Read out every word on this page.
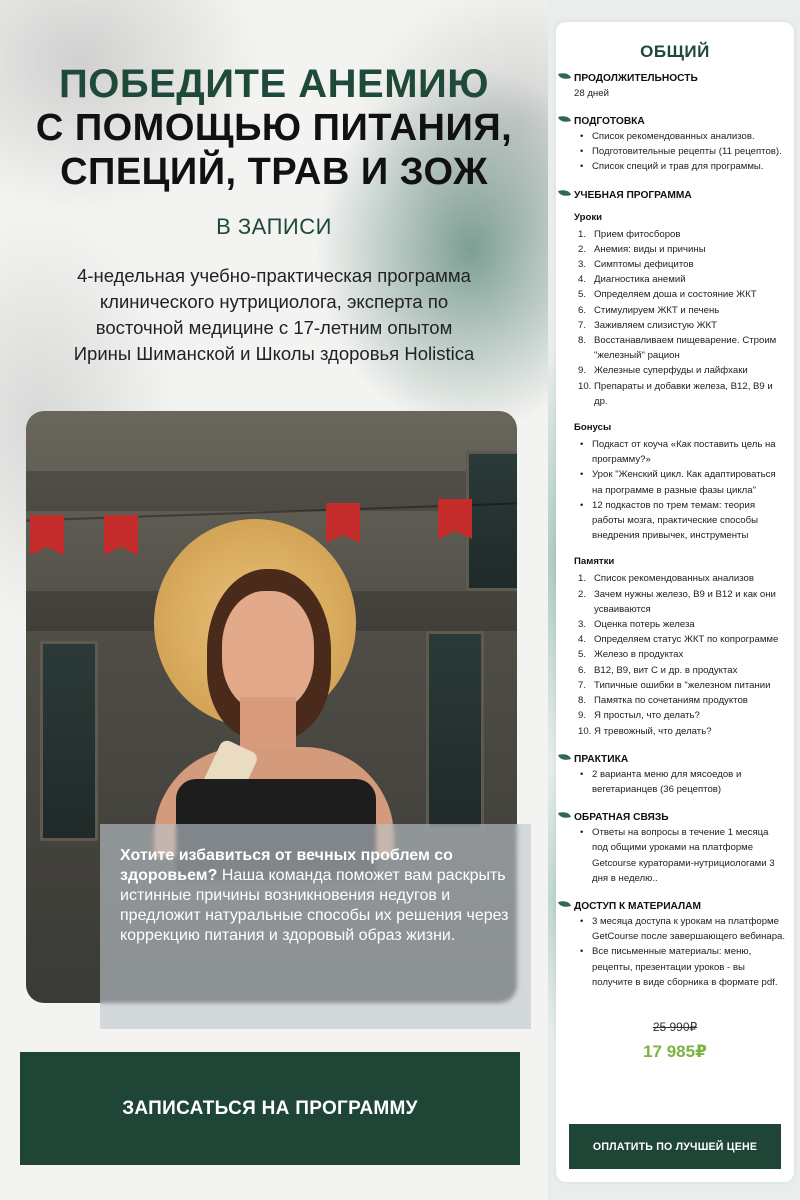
ПОБЕДИТЕ АНЕМИЮ
С ПОМОЩЬЮ ПИТАНИЯ,
СПЕЦИЙ, ТРАВ И ЗОЖ
В ЗАПИСИ
4-недельная учебно-практическая программа
клинического нутрициолога, эксперта по
восточной медицине с 17-летним опытом
Ирины Шиманской и Школы здоровья Holistica

Хотите избавиться от вечных проблем со здоровьем? Наша команда поможет вам раскрыть истинные причины возникновения недугов и предложит натуральные способы их решения через коррекцию питания и здоровый образ жизни.

ЗАПИСАТЬСЯ НА ПРОГРАММУ
ОБЩИЙ
ПРОДОЛЖИТЕЛЬНОСТЬ
28 дней
ПОДГОТОВКА
• Список рекомендованных анализов.
• Подготовительные рецепты (11 рецептов).
• Список специй и трав для программы.
УЧЕБНАЯ ПРОГРАММА
Уроки
1. Прием фитосборов
2. Анемия: виды и причины
3. Симптомы дефицитов
4. Диагностика анемий
5. Определяем доша и состояние ЖКТ
6. Стимулируем ЖКТ и печень
7. Заживляем слизистую ЖКТ
8. Восстанавливаем пищеварение. Строим "железный" рацион
9. Железные суперфуды и лайфхаки
10. Препараты и добавки железа, В12, В9 и др.
Бонусы
• Подкаст от коуча «Как поставить цель на программу?»
• Урок "Женский цикл. Как адаптироваться на программе в разные фазы цикла"
• 12 подкастов по трем темам: теория работы мозга, практические способы внедрения привычек, инструменты
Памятки
1. Список рекомендованных анализов
2. Зачем нужны железо, В9 и В12 и как они усваиваются
3. Оценка потерь железа
4. Определяем статус ЖКТ по копрограмме
5. Железо в продуктах
6. В12, В9, вит С и др. в продуктах
7. Типичные ошибки в "железном питании
8. Памятка по сочетаниям продуктов
9. Я простыл, что делать?
10. Я тревожный, что делать?
ПРАКТИКА
• 2 варианта меню для мясоедов и вегетарианцев (36 рецептов)
ОБРАТНАЯ СВЯЗЬ
• Ответы на вопросы в течение 1 месяца под общими уроками на платформе Getcourse кураторами-нутрициологами 3 дня в неделю..
ДОСТУП К МАТЕРИАЛАМ
• 3 месяца доступа к урокам на платформе GetCourse после завершающего вебинара.
• Все письменные материалы: меню, рецепты, презентации уроков - вы получите в виде сборника в формате pdf.
25 990₽
17 985₽
ОПЛАТИТЬ ПО ЛУЧШЕЙ ЦЕНЕ
